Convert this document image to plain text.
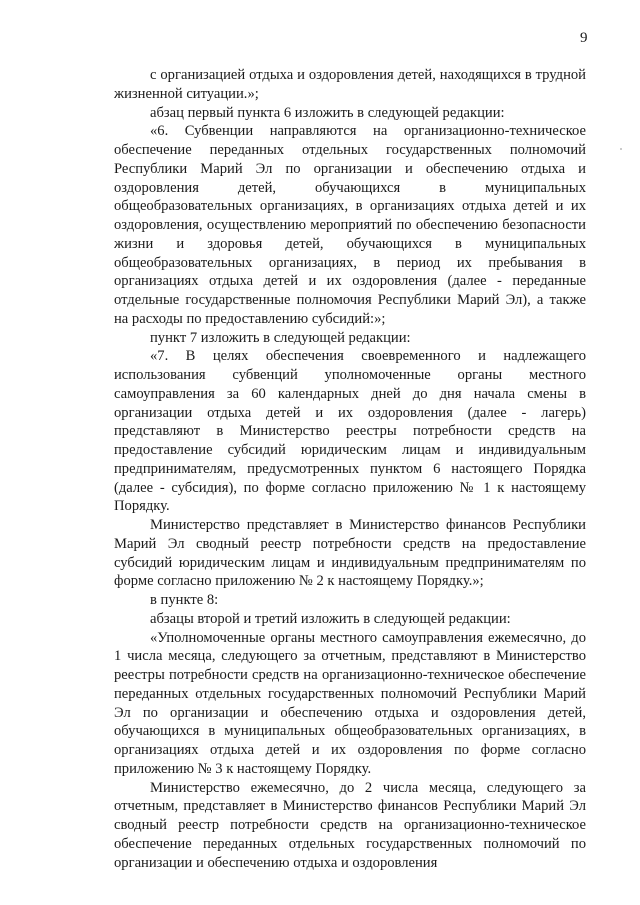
9

с организацией отдыха и оздоровления детей, находящихся в трудной жизненной ситуации.»;

абзац первый пункта 6 изложить в следующей редакции:

«6. Субвенции направляются на организационно-техническое обеспечение переданных отдельных государственных полномочий Республики Марий Эл по организации и обеспечению отдыха и оздоровления детей, обучающихся в муниципальных общеобразовательных организациях, в организациях отдыха детей и их оздоровления, осуществлению мероприятий по обеспечению безопасности жизни и здоровья детей, обучающихся в муниципальных общеобразовательных организациях, в период их пребывания в организациях отдыха детей и их оздоровления (далее - переданные отдельные государственные полномочия Республики Марий Эл), а также на расходы по предоставлению субсидий:»;

пункт 7 изложить в следующей редакции:

«7. В целях обеспечения своевременного и надлежащего использования субвенций уполномоченные органы местного самоуправления за 60 календарных дней до дня начала смены в организации отдыха детей и их оздоровления (далее - лагерь) представляют в Министерство реестры потребности средств на предоставление субсидий юридическим лицам и индивидуальным предпринимателям, предусмотренных пунктом 6 настоящего Порядка (далее - субсидия), по форме согласно приложению № 1 к настоящему Порядку.

Министерство представляет в Министерство финансов Республики Марий Эл сводный реестр потребности средств на предоставление субсидий юридическим лицам и индивидуальным предпринимателям по форме согласно приложению № 2 к настоящему Порядку.»;

в пункте 8:

абзацы второй и третий изложить в следующей редакции:

«Уполномоченные органы местного самоуправления ежемесячно, до 1 числа месяца, следующего за отчетным, представляют в Министерство реестры потребности средств на организационно-техническое обеспечение переданных отдельных государственных полномочий Республики Марий Эл по организации и обеспечению отдыха и оздоровления детей, обучающихся в муниципальных общеобразовательных организациях, в организациях отдыха детей и их оздоровления по форме согласно приложению № 3 к настоящему Порядку.

Министерство ежемесячно, до 2 числа месяца, следующего за отчетным, представляет в Министерство финансов Республики Марий Эл сводный реестр потребности средств на организационно-техническое обеспечение переданных отдельных государственных полномочий по организации и обеспечению отдыха и оздоровления
